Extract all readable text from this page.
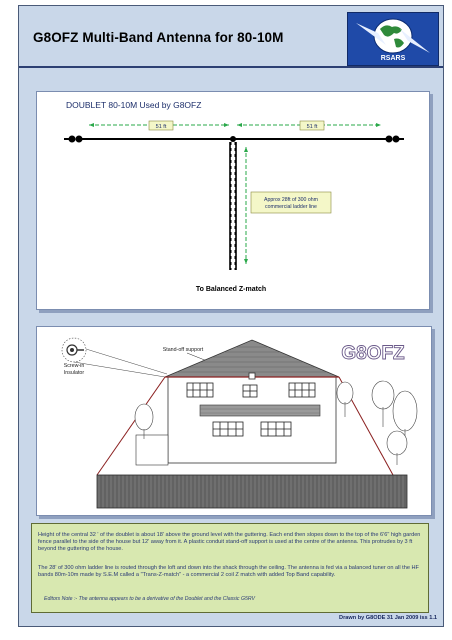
G8OFZ Multi-Band Antenna for 80-10M
RSARS
DOUBLET 80-10M Used by G8OFZ
51 ft	51 ft
Approx 28ft of 300 ohm
commercial ladder line
To Balanced Z-match
G8OFZ
Screw-in
Insulator
Stand-off support
Height of the central 32 ' of the doublet is about 18' above the ground level with the guttering. Each end then slopes down to the top of the 6'6" high garden fence parallel to the side of the house but 12' away from it. A plastic conduit stand-off support is used at the centre of the antenna. This protrudes by 3 ft beyond the guttering of the house.
The 28' of 300 ohm ladder line is routed through the loft and down into the shack through the ceiling. The antenna is fed via a balanced tuner on all the HF bands 80m-10m made by S.E.M called a "Trans-Z-match" - a commercial 2 coil Z match with added Top Band capability.
Editors Note :- The antenna appears to be a derivative of the Doublet and the Classic G5RV
Drawn by G8ODE 31 Jan 2009 iss 1.1
